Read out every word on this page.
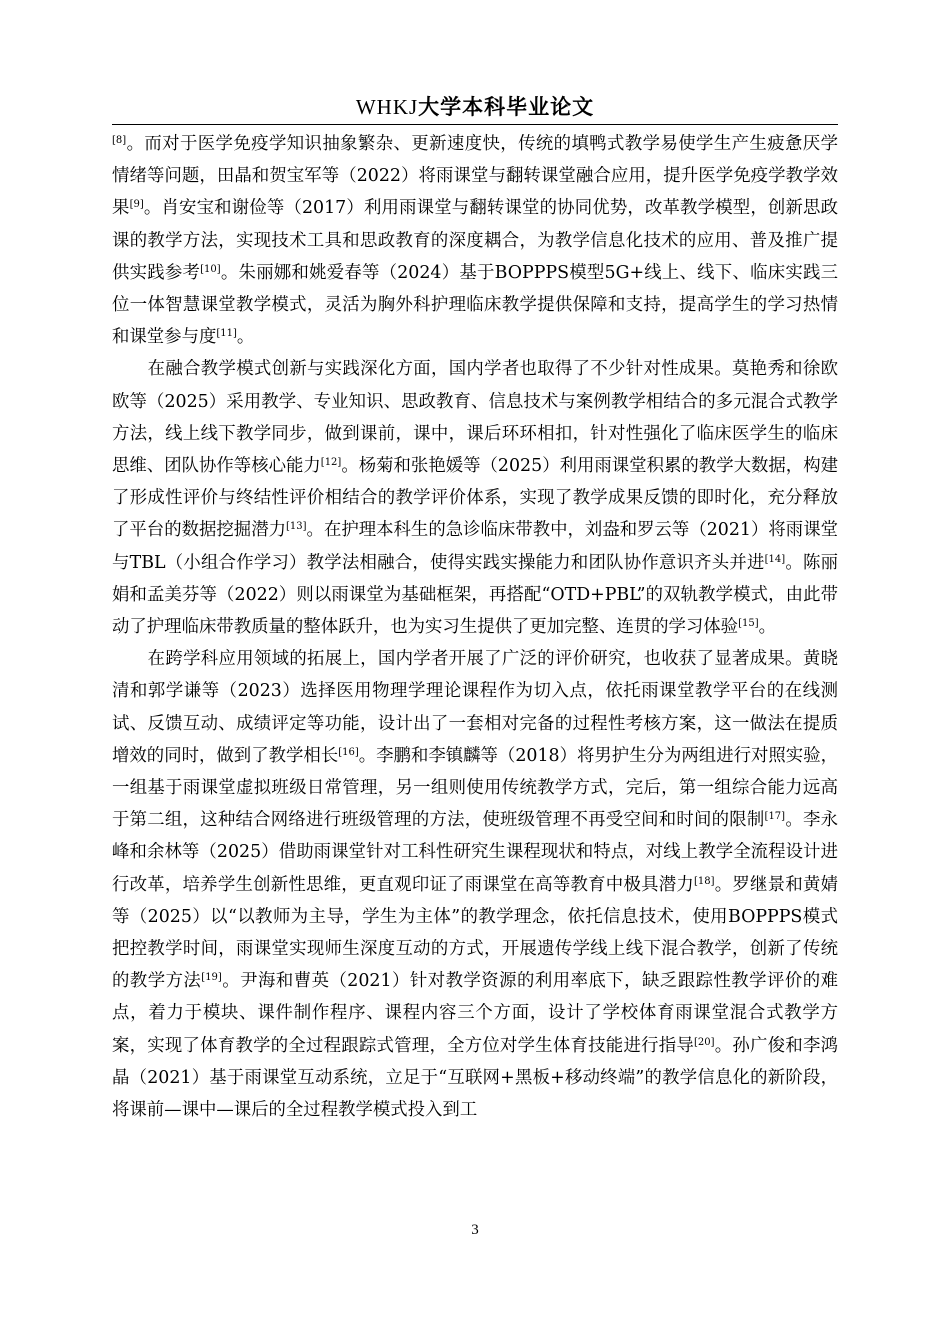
WHKJ大学本科毕业论文

[8]。而对于医学免疫学知识抽象繁杂、更新速度快，传统的填鸭式教学易使学生产生疲惫厌学情绪等问题，田晶和贺宝军等（2022）将雨课堂与翻转课堂融合应用，提升医学免疫学教学效果[9]。肖安宝和谢俭等（2017）利用雨课堂与翻转课堂的协同优势，改革教学模型，创新思政课的教学方法，实现技术工具和思政教育的深度耦合，为教学信息化技术的应用、普及推广提供实践参考[10]。朱丽娜和姚爱春等（2024）基于BOPPPS模型5G+线上、线下、临床实践三位一体智慧课堂教学模式，灵活为胸外科护理临床教学提供保障和支持，提高学生的学习热情和课堂参与度[11]。

在融合教学模式创新与实践深化方面，国内学者也取得了不少针对性成果。莫艳秀和徐欧欧等（2025）采用教学、专业知识、思政教育、信息技术与案例教学相结合的多元混合式教学方法，线上线下教学同步，做到课前，课中，课后环环相扣，针对性强化了临床医学生的临床思维、团队协作等核心能力[12]。杨菊和张艳媛等（2025）利用雨课堂积累的教学大数据，构建了形成性评价与终结性评价相结合的教学评价体系，实现了教学成果反馈的即时化，充分释放了平台的数据挖掘潜力[13]。在护理本科生的急诊临床带教中，刘盎和罗云等（2021）将雨课堂与TBL（小组合作学习）教学法相融合，使得实践实操能力和团队协作意识齐头并进[14]。陈丽娟和孟美芬等（2022）则以雨课堂为基础框架，再搭配“OTD+PBL”的双轨教学模式，由此带动了护理临床带教质量的整体跃升，也为实习生提供了更加完整、连贯的学习体验[15]。

在跨学科应用领域的拓展上，国内学者开展了广泛的评价研究，也收获了显著成果。黄晓清和郭学谦等（2023）选择医用物理学理论课程作为切入点，依托雨课堂教学平台的在线测试、反馈互动、成绩评定等功能，设计出了一套相对完备的过程性考核方案，这一做法在提质增效的同时，做到了教学相长[16]。李鹏和李镇麟等（2018）将男护生分为两组进行对照实验，一组基于雨课堂虚拟班级日常管理，另一组则使用传统教学方式，完后，第一组综合能力远高于第二组，这种结合网络进行班级管理的方法，使班级管理不再受空间和时间的限制[17]。李永峰和余林等（2025）借助雨课堂针对工科性研究生课程现状和特点，对线上教学全流程设计进行改革，培养学生创新性思维，更直观印证了雨课堂在高等教育中极具潜力[18]。罗继景和黄婧等（2025）以“以教师为主导，学生为主体”的教学理念，依托信息技术，使用BOPPPS模式把控教学时间，雨课堂实现师生深度互动的方式，开展遗传学线上线下混合教学，创新了传统的教学方法[19]。尹海和曹英（2021）针对教学资源的利用率底下，缺乏跟踪性教学评价的难点，着力于模块、课件制作程序、课程内容三个方面，设计了学校体育雨课堂混合式教学方案，实现了体育教学的全过程跟踪式管理，全方位对学生体育技能进行指导[20]。孙广俊和李鸿晶（2021）基于雨课堂互动系统，立足于“互联网+黑板+移动终端”的教学信息化的新阶段，将课前—课中—课后的全过程教学模式投入到工

3
